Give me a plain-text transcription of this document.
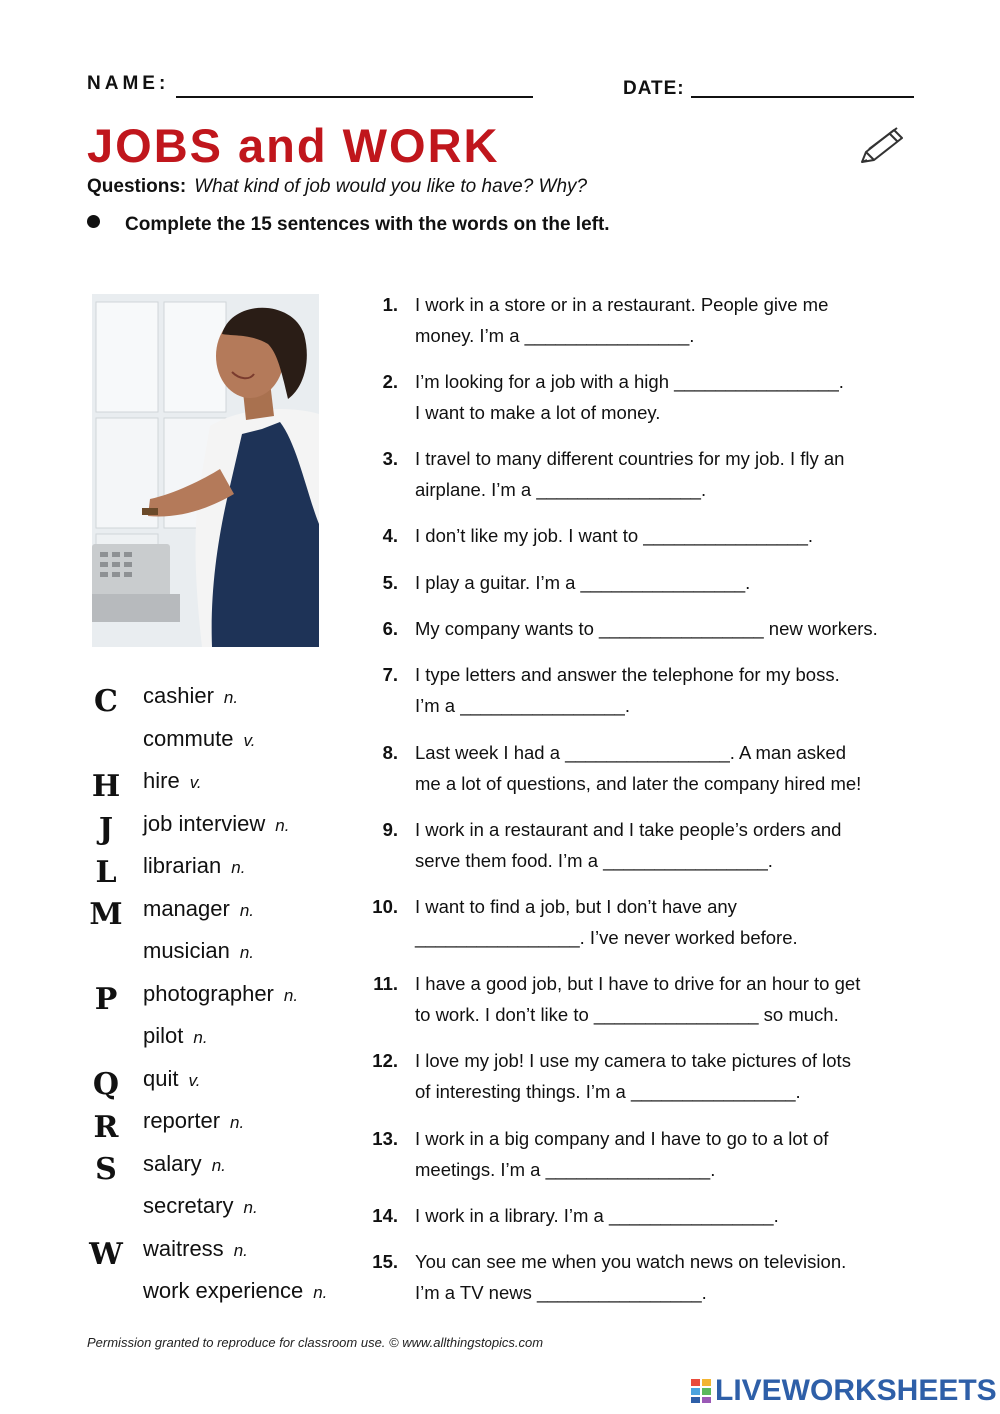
NAME:	DATE:
JOBS and WORK
Questions: What kind of job would you like to have? Why?
Complete the 15 sentences with the words on the left.
C
H
J
L
M
P
Q
R
S
W
cashier n.
commute v.
hire v.
job interview n.
librarian n.
manager n.
musician n.
photographer n.
pilot n.
quit v.
reporter n.
salary n.
secretary n.
waitress n.
work experience n.
1. I work in a store or in a restaurant. People give me
money. I’m a ________________.
2. I’m looking for a job with a high ________________.
I want to make a lot of money.
3. I travel to many different countries for my job. I fly an
airplane. I’m a ________________.
4. I don’t like my job. I want to ________________.
5. I play a guitar. I’m a ________________.
6. My company wants to ________________ new workers.
7. I type letters and answer the telephone for my boss.
I’m a ________________.
8. Last week I had a ________________. A man asked
me a lot of questions, and later the company hired me!
9. I work in a restaurant and I take people’s orders and
serve them food. I’m a ________________.
10. I want to find a job, but I don’t have any
________________. I’ve never worked before.
11. I have a good job, but I have to drive for an hour to get
to work. I don’t like to ________________ so much.
12. I love my job! I use my camera to take pictures of lots
of interesting things. I’m a ________________.
13. I work in a big company and I have to go to a lot of
meetings. I’m a ________________.
14. I work in a library. I’m a ________________.
15. You can see me when you watch news on television.
I’m a TV news ________________.
Permission granted to reproduce for classroom use. © www.allthingstopics.com
LIVEWORKSHEETS
